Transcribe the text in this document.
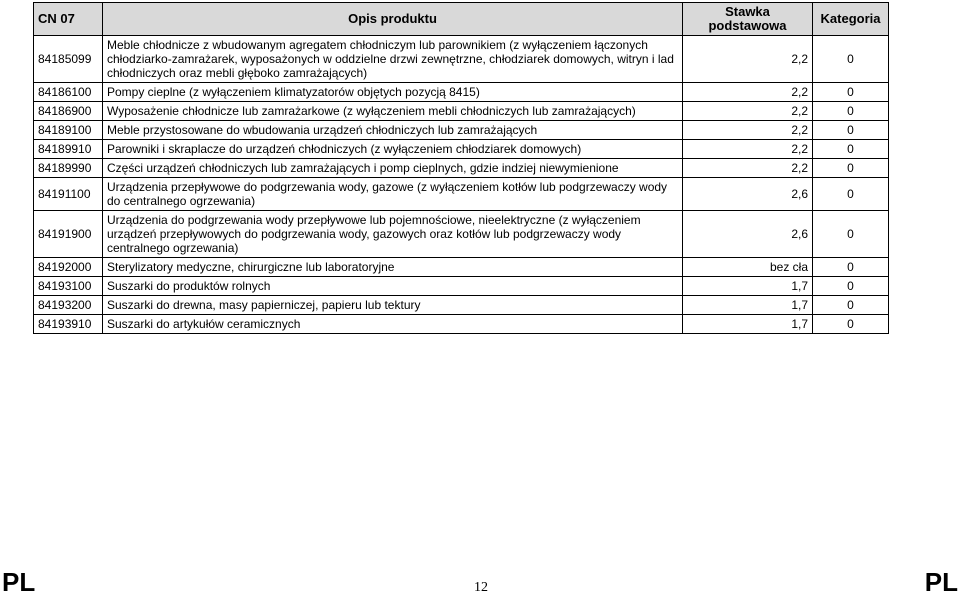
CN 07	Opis produktu	Stawka podstawowa	Kategoria
84185099	Meble chłodnicze z wbudowanym agregatem chłodniczym lub parownikiem (z wyłączeniem łączonych chłodziarko-zamrażarek, wyposażonych w oddzielne drzwi zewnętrzne, chłodziarek domowych, witryn i lad chłodniczych oraz mebli głęboko zamrażających)	2,2	0
84186100	Pompy cieplne (z wyłączeniem klimatyzatorów objętych pozycją 8415)	2,2	0
84186900	Wyposażenie chłodnicze lub zamrażarkowe (z wyłączeniem mebli chłodniczych lub zamrażających)	2,2	0
84189100	Meble przystosowane do wbudowania urządzeń chłodniczych lub zamrażających	2,2	0
84189910	Parowniki i skraplacze do urządzeń chłodniczych (z wyłączeniem chłodziarek domowych)	2,2	0
84189990	Części urządzeń chłodniczych lub zamrażających i pomp cieplnych, gdzie indziej niewymienione	2,2	0
84191100	Urządzenia przepływowe do podgrzewania wody, gazowe (z wyłączeniem kotłów lub podgrzewaczy wody do centralnego ogrzewania)	2,6	0
84191900	Urządzenia do podgrzewania wody przepływowe lub pojemnościowe, nieelektryczne (z wyłączeniem urządzeń przepływowych do podgrzewania wody, gazowych oraz kotłów lub podgrzewaczy wody centralnego ogrzewania)	2,6	0
84192000	Sterylizatory medyczne, chirurgiczne lub laboratoryjne	bez cła	0
84193100	Suszarki do produktów rolnych	1,7	0
84193200	Suszarki do drewna, masy papierniczej, papieru lub tektury	1,7	0
84193910	Suszarki do artykułów ceramicznych	1,7	0
PL	12	PL
